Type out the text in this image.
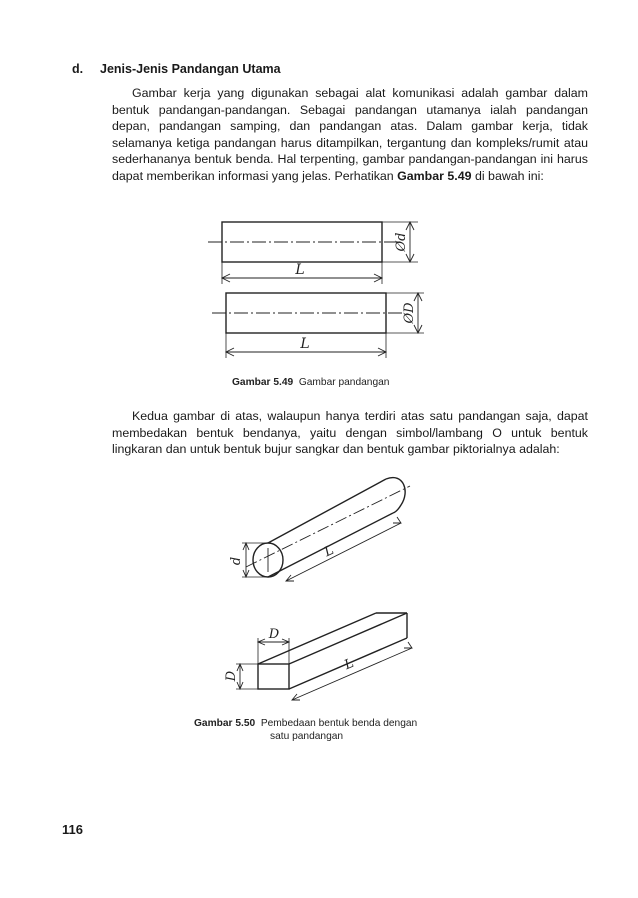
d. Jenis-Jenis Pandangan Utama

Gambar kerja yang digunakan sebagai alat komunikasi adalah gambar dalam bentuk pandangan-pandangan. Sebagai pandangan utamanya ialah pandangan depan, pandangan samping, dan pandangan atas. Dalam gambar kerja, tidak selamanya ketiga pandangan harus ditampilkan, tergantung dan kompleks/rumit atau sederhananya bentuk benda. Hal terpenting, gambar pandangan-pandangan ini harus dapat memberikan informasi yang jelas. Perhatikan Gambar 5.49 di bawah ini:

Ød
L
ØD
L
d
L
D
D
L
Gambar 5.49 Gambar pandangan

Kedua gambar di atas, walaupun hanya terdiri atas satu pandangan saja, dapat membedakan bentuk bendanya, yaitu dengan simbol/lambang O untuk bentuk lingkaran dan untuk bentuk bujur sangkar dan bentuk gambar piktorialnya adalah:

Gambar 5.50 Pembedaan bentuk benda dengan
satu pandangan
116
